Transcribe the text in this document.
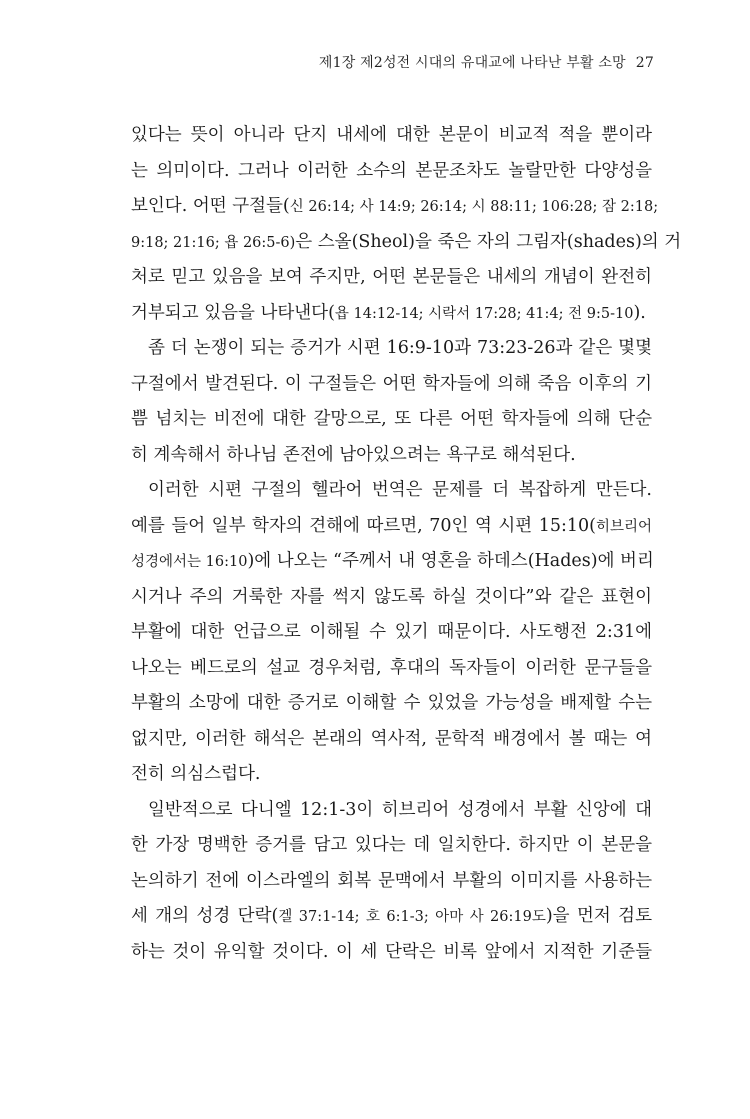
제1장 제2성전 시대의 유대교에 나타난 부활 소망 27
있다는 뜻이 아니라 단지 내세에 대한 본문이 비교적 적을 뿐이라
는 의미이다. 그러나 이러한 소수의 본문조차도 놀랄만한 다양성을
보인다. 어떤 구절들(신 26:14; 사 14:9; 26:14; 시 88:11; 106:28; 잠 2:18;
9:18; 21:16; 욥 26:5-6)은 스올(Sheol)을 죽은 자의 그림자(shades)의 거
처로 믿고 있음을 보여 주지만, 어떤 본문들은 내세의 개념이 완전히
거부되고 있음을 나타낸다(욥 14:12-14; 시락서 17:28; 41:4; 전 9:5-10).
좀 더 논쟁이 되는 증거가 시편 16:9-10과 73:23-26과 같은 몇몇
구절에서 발견된다. 이 구절들은 어떤 학자들에 의해 죽음 이후의 기
쁨 넘치는 비전에 대한 갈망으로, 또 다른 어떤 학자들에 의해 단순
히 계속해서 하나님 존전에 남아있으려는 욕구로 해석된다.
이러한 시편 구절의 헬라어 번역은 문제를 더 복잡하게 만든다.
예를 들어 일부 학자의 견해에 따르면, 70인 역 시편 15:10(히브리어
성경에서는 16:10)에 나오는 “주께서 내 영혼을 하데스(Hades)에 버리
시거나 주의 거룩한 자를 썩지 않도록 하실 것이다”와 같은 표현이
부활에 대한 언급으로 이해될 수 있기 때문이다. 사도행전 2:31에
나오는 베드로의 설교 경우처럼, 후대의 독자들이 이러한 문구들을
부활의 소망에 대한 증거로 이해할 수 있었을 가능성을 배제할 수는
없지만, 이러한 해석은 본래의 역사적, 문학적 배경에서 볼 때는 여
전히 의심스럽다.
일반적으로 다니엘 12:1-3이 히브리어 성경에서 부활 신앙에 대
한 가장 명백한 증거를 담고 있다는 데 일치한다. 하지만 이 본문을
논의하기 전에 이스라엘의 회복 문맥에서 부활의 이미지를 사용하는
세 개의 성경 단락(겔 37:1-14; 호 6:1-3; 아마 사 26:19도)을 먼저 검토
하는 것이 유익할 것이다. 이 세 단락은 비록 앞에서 지적한 기준들
